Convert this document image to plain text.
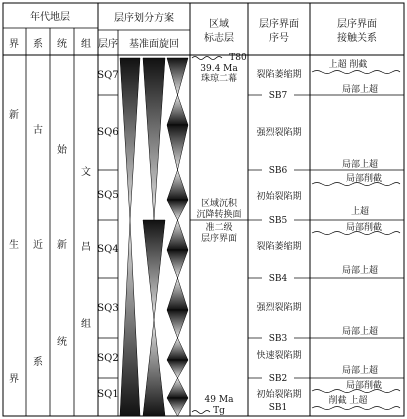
年代地层
界 系 统 组
层序划分方案
层序 基准面旋回
区域
标志层
层序界面
序号
层序界面
接触关系
新
生
界
古
近
系
始
新
统
文
昌
组
SQ7
SQ6
SQ5
SQ4
SQ3
SQ2
SQ1
T80
39.4 Ma
珠琼二幕
区域沉积
沉降转换面
准二级
层序界面
49 Ma
Tg
裂陷萎缩期
SB7
强烈裂陷期
SB6
初始裂陷期
SB5
裂陷萎缩期
SB4
强烈裂陷期
SB3
快速裂陷期
SB2
初始裂陷期
SB1
上超 削截
局部上超
局部上超
局部削截
上超
局部削截
局部上超
局部上超
局部上超
局部削截
削截 上超
